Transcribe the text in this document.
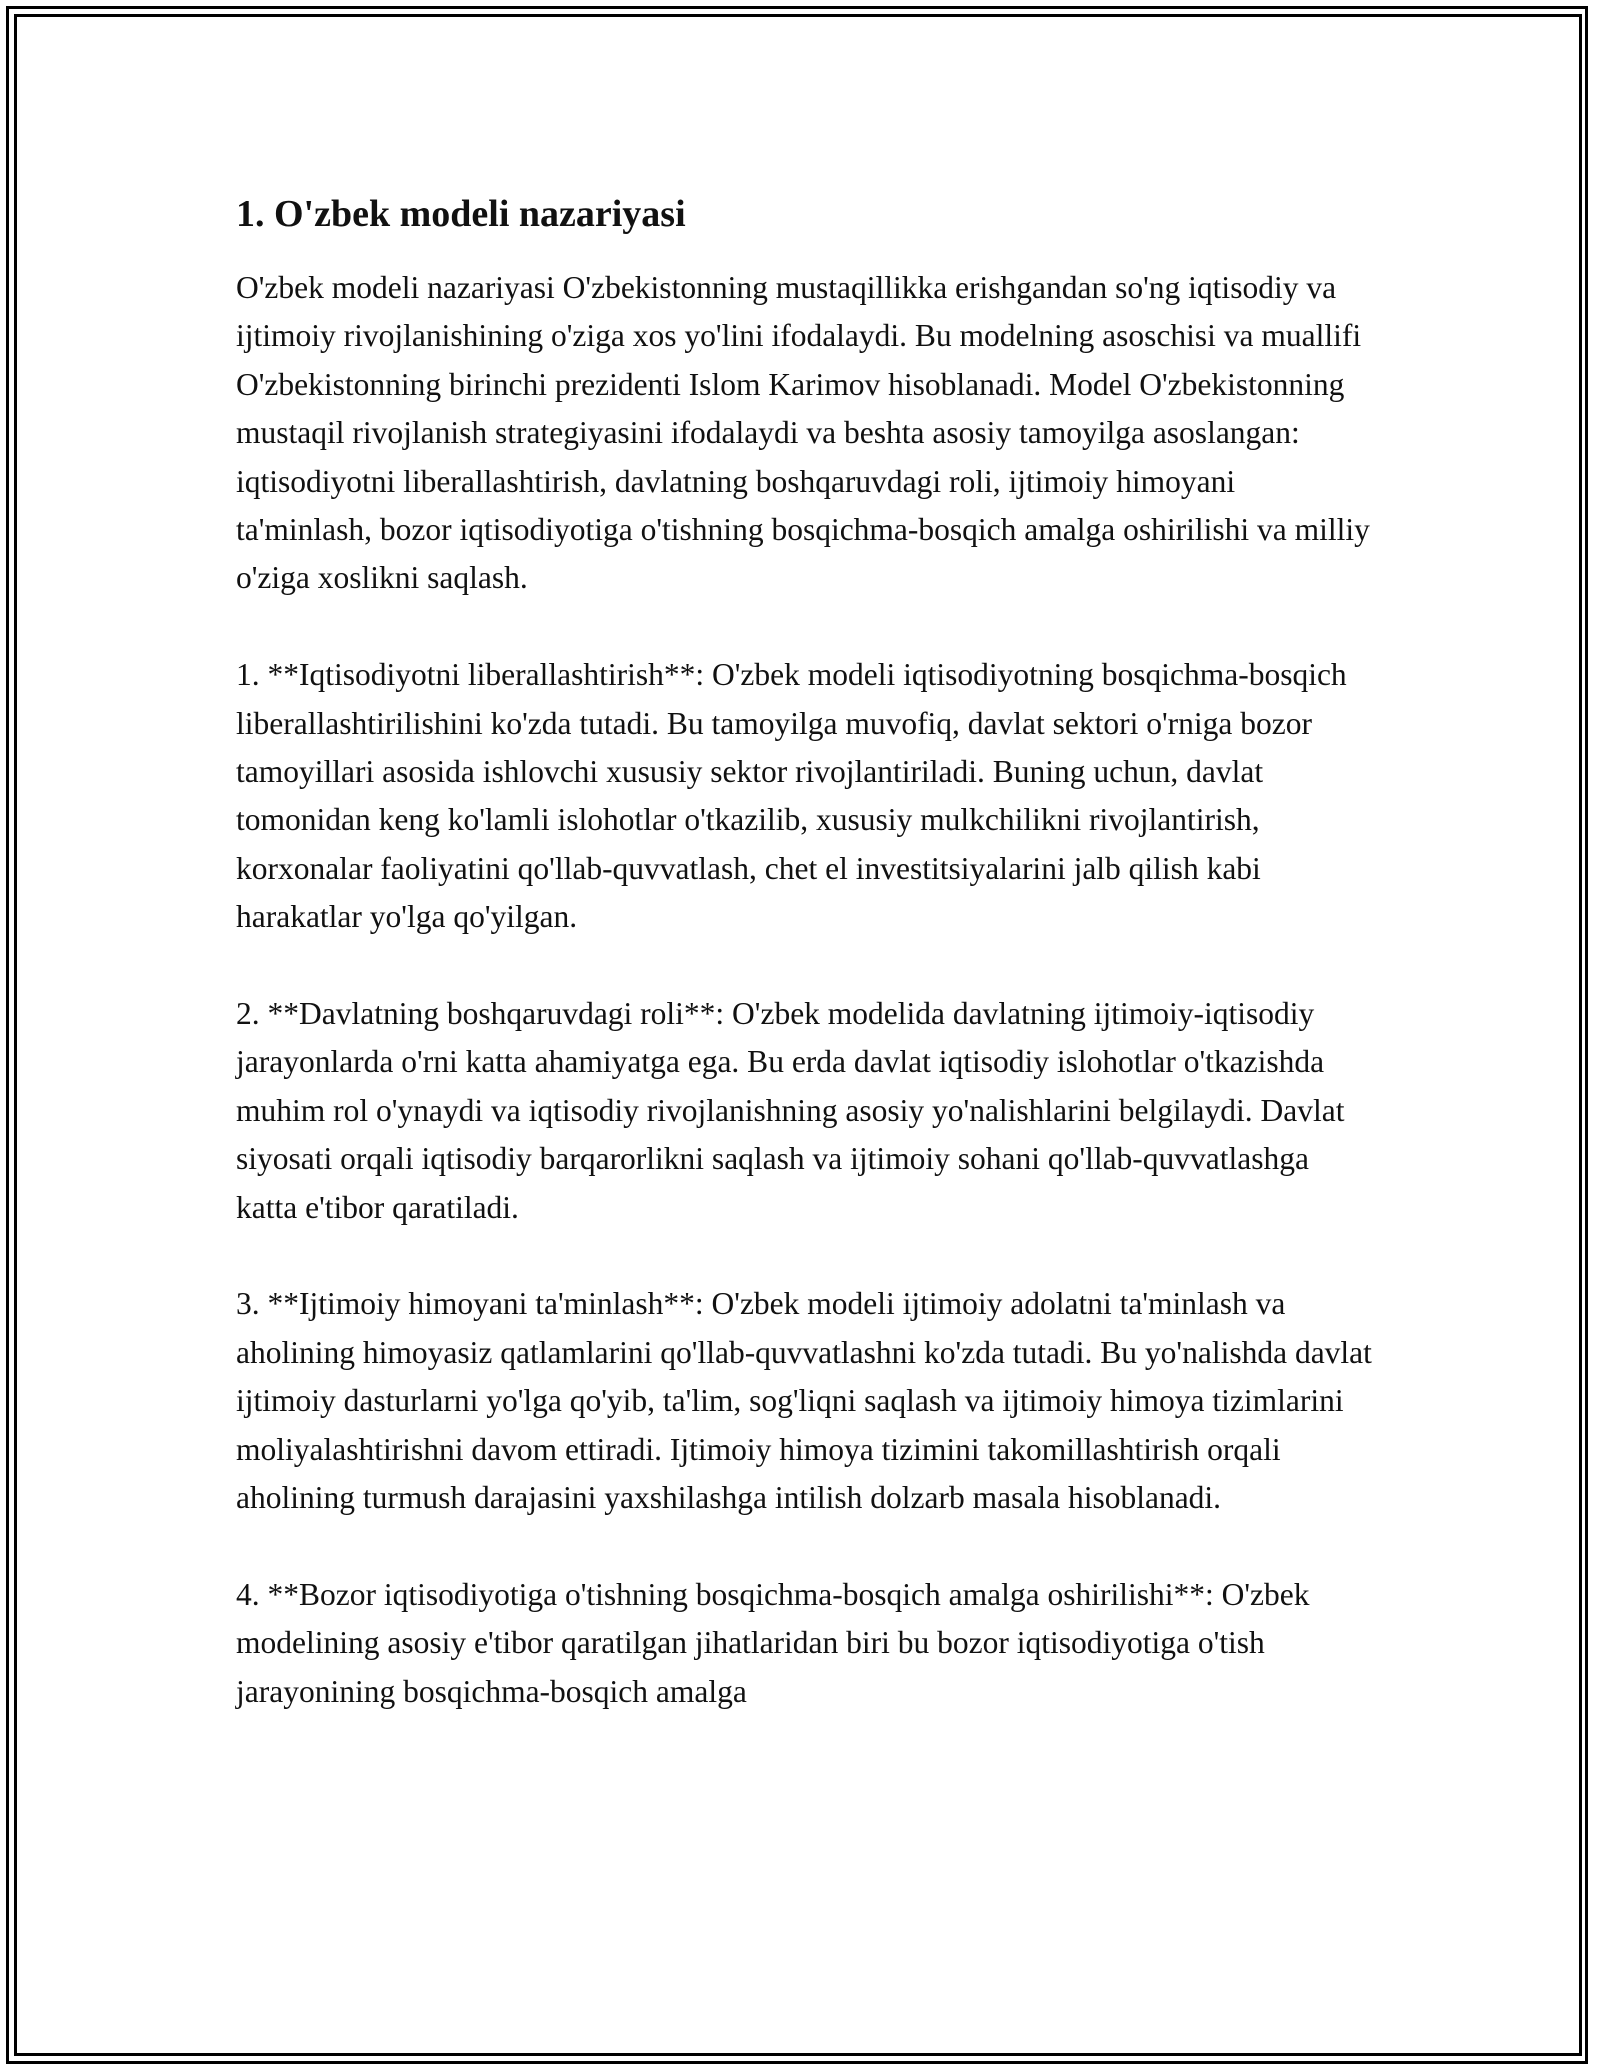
1. O'zbek modeli nazariyasi

O'zbek modeli nazariyasi O'zbekistonning mustaqillikka erishgandan so'ng iqtisodiy va ijtimoiy rivojlanishining o'ziga xos yo'lini ifodalaydi. Bu modelning asoschisi va muallifi O'zbekistonning birinchi prezidenti Islom Karimov hisoblanadi. Model O'zbekistonning mustaqil rivojlanish strategiyasini ifodalaydi va beshta asosiy tamoyilga asoslangan: iqtisodiyotni liberallashtirish, davlatning boshqaruvdagi roli, ijtimoiy himoyani ta'minlash, bozor iqtisodiyotiga o'tishning bosqichma-bosqich amalga oshirilishi va milliy o'ziga xoslikni saqlash.

1. **Iqtisodiyotni liberallashtirish**: O'zbek modeli iqtisodiyotning bosqichma-bosqich liberallashtirilishini ko'zda tutadi. Bu tamoyilga muvofiq, davlat sektori o'rniga bozor tamoyillari asosida ishlovchi xususiy sektor rivojlantiriladi. Buning uchun, davlat tomonidan keng ko'lamli islohotlar o'tkazilib, xususiy mulkchilikni rivojlantirish, korxonalar faoliyatini qo'llab-quvvatlash, chet el investitsiyalarini jalb qilish kabi harakatlar yo'lga qo'yilgan.

2. **Davlatning boshqaruvdagi roli**: O'zbek modelida davlatning ijtimoiy-iqtisodiy jarayonlarda o'rni katta ahamiyatga ega. Bu erda davlat iqtisodiy islohotlar o'tkazishda muhim rol o'ynaydi va iqtisodiy rivojlanishning asosiy yo'nalishlarini belgilaydi. Davlat siyosati orqali iqtisodiy barqarorlikni saqlash va ijtimoiy sohani qo'llab-quvvatlashga katta e'tibor qaratiladi.

3. **Ijtimoiy himoyani ta'minlash**: O'zbek modeli ijtimoiy adolatni ta'minlash va aholining himoyasiz qatlamlarini qo'llab-quvvatlashni ko'zda tutadi. Bu yo'nalishda davlat ijtimoiy dasturlarni yo'lga qo'yib, ta'lim, sog'liqni saqlash va ijtimoiy himoya tizimlarini moliyalashtirishni davom ettiradi. Ijtimoiy himoya tizimini takomillashtirish orqali aholining turmush darajasini yaxshilashga intilish dolzarb masala hisoblanadi.

4. **Bozor iqtisodiyotiga o'tishning bosqichma-bosqich amalga oshirilishi**: O'zbek modelining asosiy e'tibor qaratilgan jihatlaridan biri bu bozor iqtisodiyotiga o'tish jarayonining bosqichma-bosqich amalga
